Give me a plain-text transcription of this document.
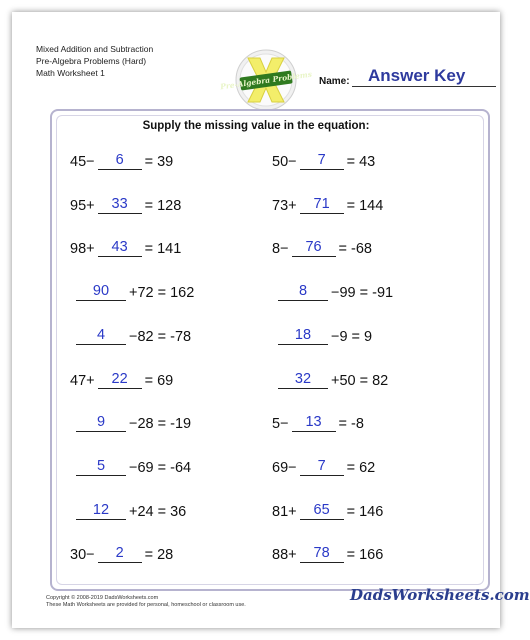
Mixed Addition and Subtraction
Pre-Algebra Problems (Hard)
Math Worksheet 1	Pre-Algebra Problems Name: Answer Key
Supply the missing value in the equation:
45− 6 = 39
95+ 33 = 128
98+ 43 = 141
90 +72 = 162
4 −82 = -78
47+ 22 = 69
9 −28 = -19
5 −69 = -64
12 +24 = 36
30− 2 = 28
50− 7 = 43
73+ 71 = 144
8− 76 = -68
8 −99 = -91
18 −9 = 9
32 +50 = 82
5− 13 = -8
69− 7 = 62
81+ 65 = 146
88+ 78 = 166
Copyright © 2008-2019 DadsWorksheets.com
These Math Worksheets are provided for personal, homeschool or classroom use.
DadsWorksheets.com
